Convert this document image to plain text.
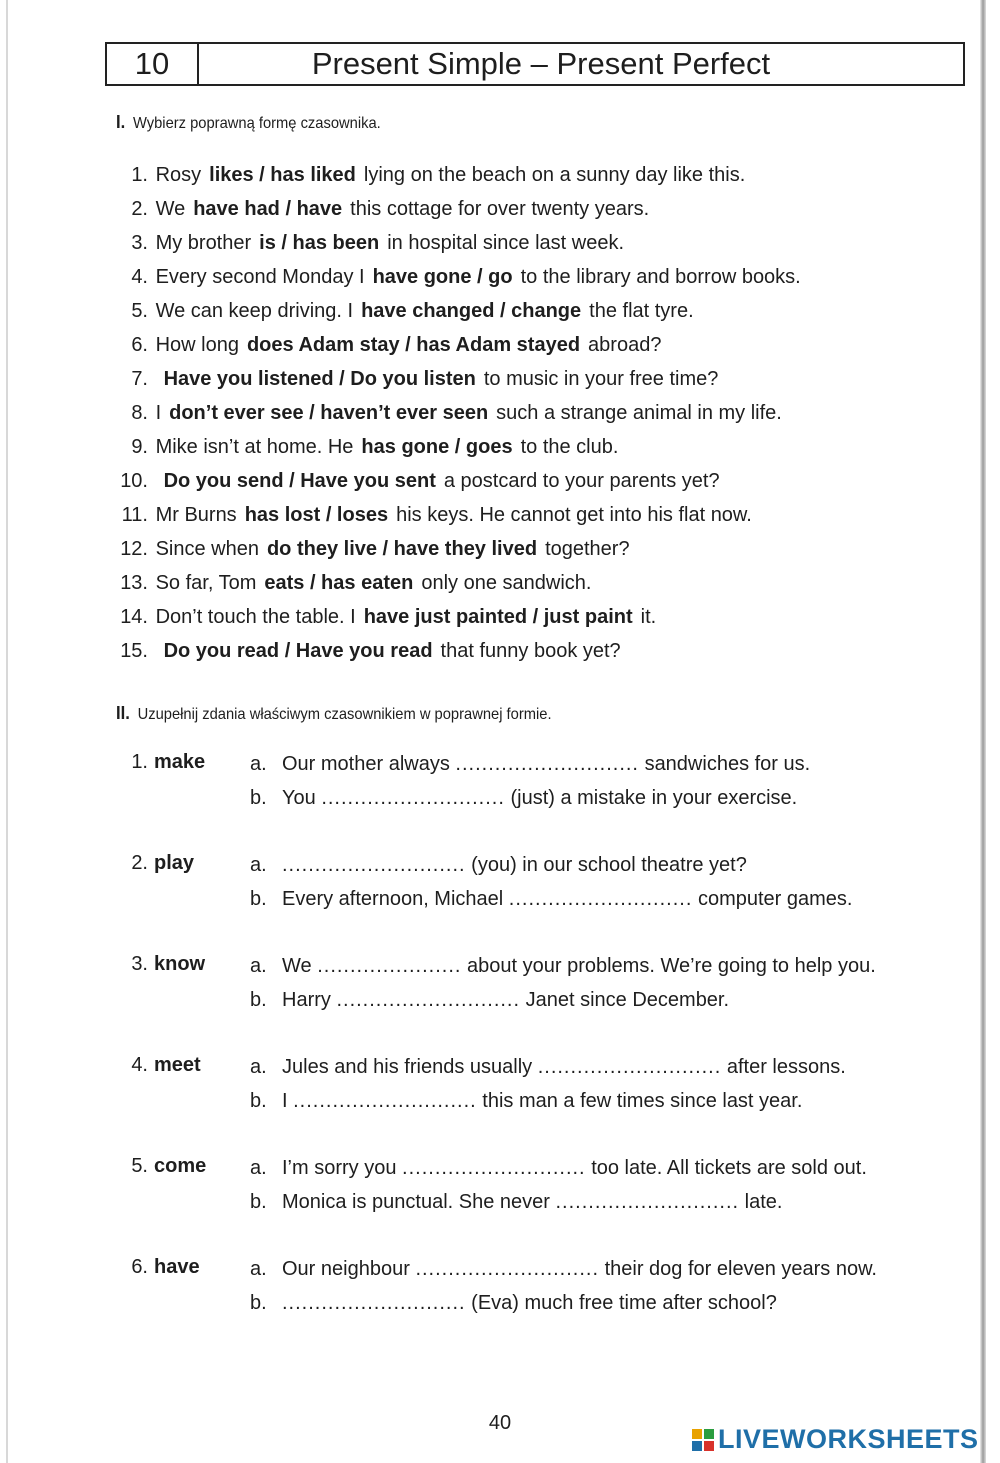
10	Present Simple – Present Perfect
I. Wybierz poprawną formę czasownika.
1. Rosy likes / has liked lying on the beach on a sunny day like this.
2. We have had / have this cottage for over twenty years.
3. My brother is / has been in hospital since last week.
4. Every second Monday I have gone / go to the library and borrow books.
5. We can keep driving. I have changed / change the flat tyre.
6. How long does Adam stay / has Adam stayed abroad?
7. Have you listened / Do you listen to music in your free time?
8. I don’t ever see / haven’t ever seen such a strange animal in my life.
9. Mike isn’t at home. He has gone / goes to the club.
10. Do you send / Have you sent a postcard to your parents yet?
11. Mr Burns has lost / loses his keys. He cannot get into his flat now.
12. Since when do they live / have they lived together?
13. So far, Tom eats / has eaten only one sandwich.
14. Don’t touch the table. I have just painted / just paint it.
15. Do you read / Have you read that funny book yet?
II. Uzupełnij zdania właściwym czasownikiem w poprawnej formie.
1. make a. Our mother always ............................ sandwiches for us.
b. You ............................ (just) a mistake in your exercise.
2. play	a. ............................ (you) in our school theatre yet?
b. Every afternoon, Michael ............................ computer games.
3. know a. We ...................... about your problems. We’re going to help you.
b. Harry ............................ Janet since December.
4. meet a. Jules and his friends usually ............................ after lessons.
b. I ............................ this man a few times since last year.
5. come a. I’m sorry you ............................ too late. All tickets are sold out.
b. Monica is punctual. She never ............................ late.
6. have	a. Our neighbour ............................ their dog for eleven years now.
b. ............................ (Eva) much free time after school?
40
LIVEWORKSHEETS
